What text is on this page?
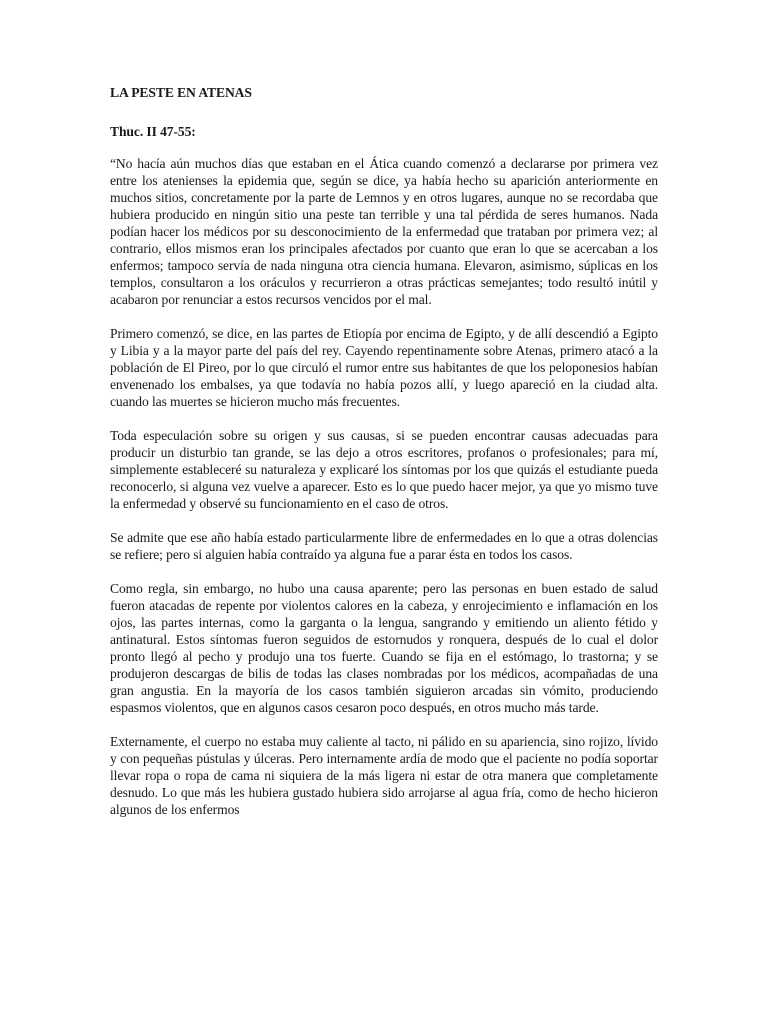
LA PESTE EN ATENAS

Thuc. II 47-55:

“No hacía aún muchos días que estaban en el Ática cuando comenzó a declararse por primera vez entre los atenienses la epidemia que, según se dice, ya había hecho su aparición anteriormente en muchos sitios, concretamente por la parte de Lemnos y en otros lugares, aunque no se recordaba que hubiera producido en ningún sitio una peste tan terrible y una tal pérdida de seres humanos. Nada podían hacer los médicos por su desconocimiento de la enfermedad que trataban por primera vez; al contrario, ellos mismos eran los principales afectados por cuanto que eran lo que se acercaban a los enfermos; tampoco servía de nada ninguna otra ciencia humana. Elevaron, asimismo, súplicas en los templos, consultaron a los oráculos y recurrieron a otras prácticas semejantes; todo resultó inútil y acabaron por renunciar a estos recursos vencidos por el mal.

Primero comenzó, se dice, en las partes de Etiopía por encima de Egipto, y de allí descendió a Egipto y Libia y a la mayor parte del país del rey. Cayendo repentinamente sobre Atenas, primero atacó a la población de El Pireo, por lo que circuló el rumor entre sus habitantes de que los peloponesios habían envenenado los embalses, ya que todavía no había pozos allí, y luego apareció en la ciudad alta. cuando las muertes se hicieron mucho más frecuentes.

Toda especulación sobre su origen y sus causas, si se pueden encontrar causas adecuadas para producir un disturbio tan grande, se las dejo a otros escritores, profanos o profesionales; para mí, simplemente estableceré su naturaleza y explicaré los síntomas por los que quizás el estudiante pueda reconocerlo, si alguna vez vuelve a aparecer. Esto es lo que puedo hacer mejor, ya que yo mismo tuve la enfermedad y observé su funcionamiento en el caso de otros.

Se admite que ese año había estado particularmente libre de enfermedades en lo que a otras dolencias se refiere; pero si alguien había contraído ya alguna fue a parar ésta en todos los casos.

Como regla, sin embargo, no hubo una causa aparente; pero las personas en buen estado de salud fueron atacadas de repente por violentos calores en la cabeza, y enrojecimiento e inflamación en los ojos, las partes internas, como la garganta o la lengua, sangrando y emitiendo un aliento fétido y antinatural. Estos síntomas fueron seguidos de estornudos y ronquera, después de lo cual el dolor pronto llegó al pecho y produjo una tos fuerte. Cuando se fija en el estómago, lo trastorna; y se produjeron descargas de bilis de todas las clases nombradas por los médicos, acompañadas de una gran angustia. En la mayoría de los casos también siguieron arcadas sin vómito, produciendo espasmos violentos, que en algunos casos cesaron poco después, en otros mucho más tarde.

Externamente, el cuerpo no estaba muy caliente al tacto, ni pálido en su apariencia, sino rojizo, lívido y con pequeñas pústulas y úlceras. Pero internamente ardía de modo que el paciente no podía soportar llevar ropa o ropa de cama ni siquiera de la más ligera ni estar de otra manera que completamente desnudo. Lo que más les hubiera gustado hubiera sido arrojarse al agua fría, como de hecho hicieron algunos de los enfermos
